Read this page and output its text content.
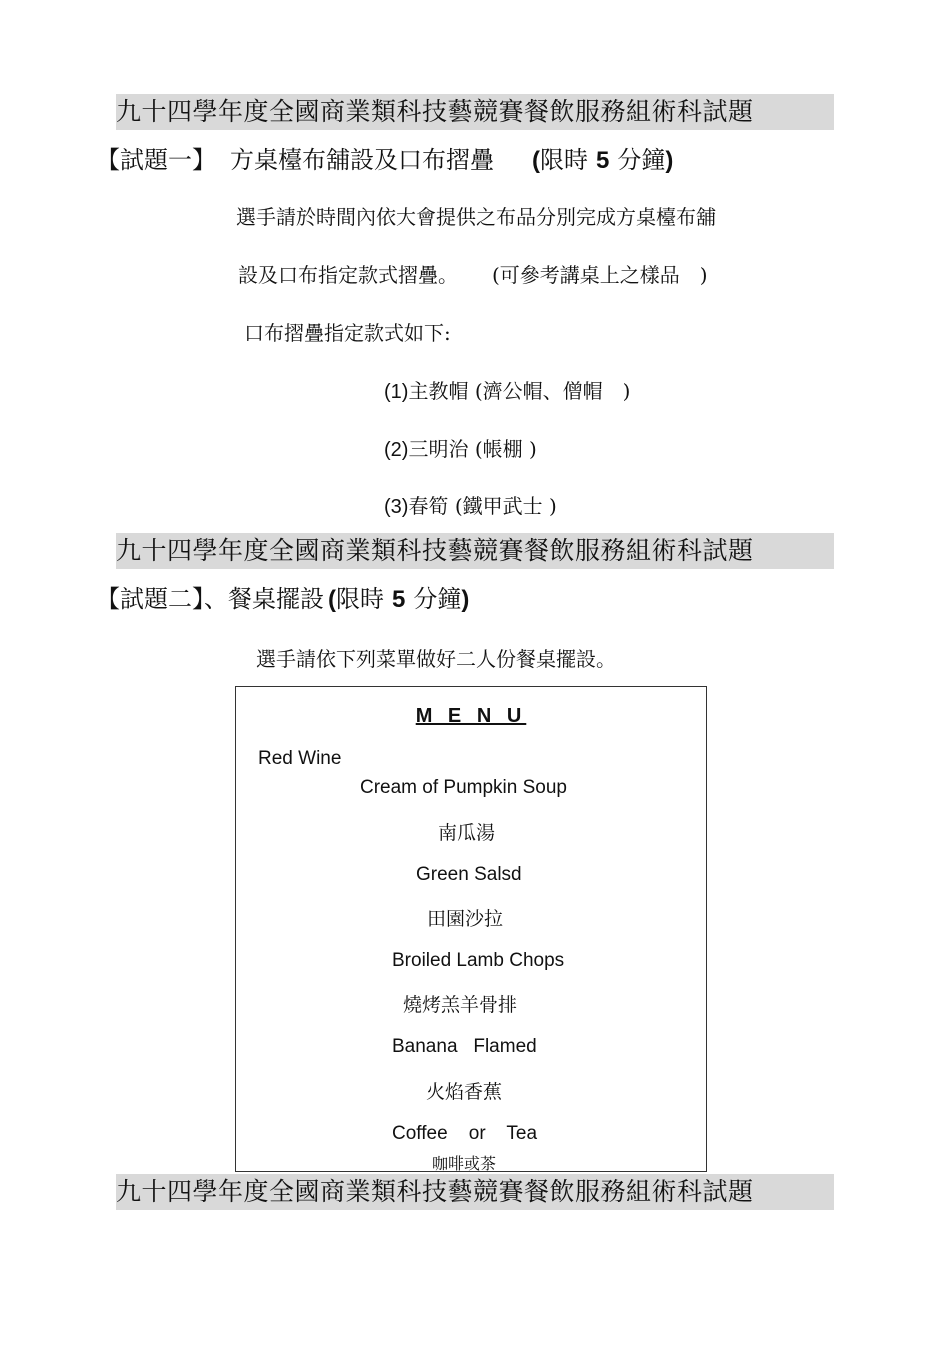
九十四學年度全國商業類科技藝競賽餐飲服務組術科試題
【試題一】 方桌檯布舖設及口布摺疊 (限時 5 分鐘)
選手請於時間內依大會提供之布品分別完成方桌檯布舖
設及口布指定款式摺疊。 (可參考講桌上之樣品　)
口布摺疊指定款式如下:
(1)主教帽 (濟公帽、僧帽　)
(2)三明治 (帳棚 )
(3)春筍 (鐵甲武士 )
九十四學年度全國商業類科技藝競賽餐飲服務組術科試題
【試題二】、餐桌擺設 (限時 5 分鐘)
選手請依下列菜單做好二人份餐桌擺設。
M E N U
Red Wine
Cream of Pumpkin Soup
南瓜湯
Green Salsd
田園沙拉
Broiled Lamb Chops
燒烤羔羊骨排
Banana   Flamed
火焰香蕉
Coffee    or    Tea
咖啡或茶
九十四學年度全國商業類科技藝競賽餐飲服務組術科試題
